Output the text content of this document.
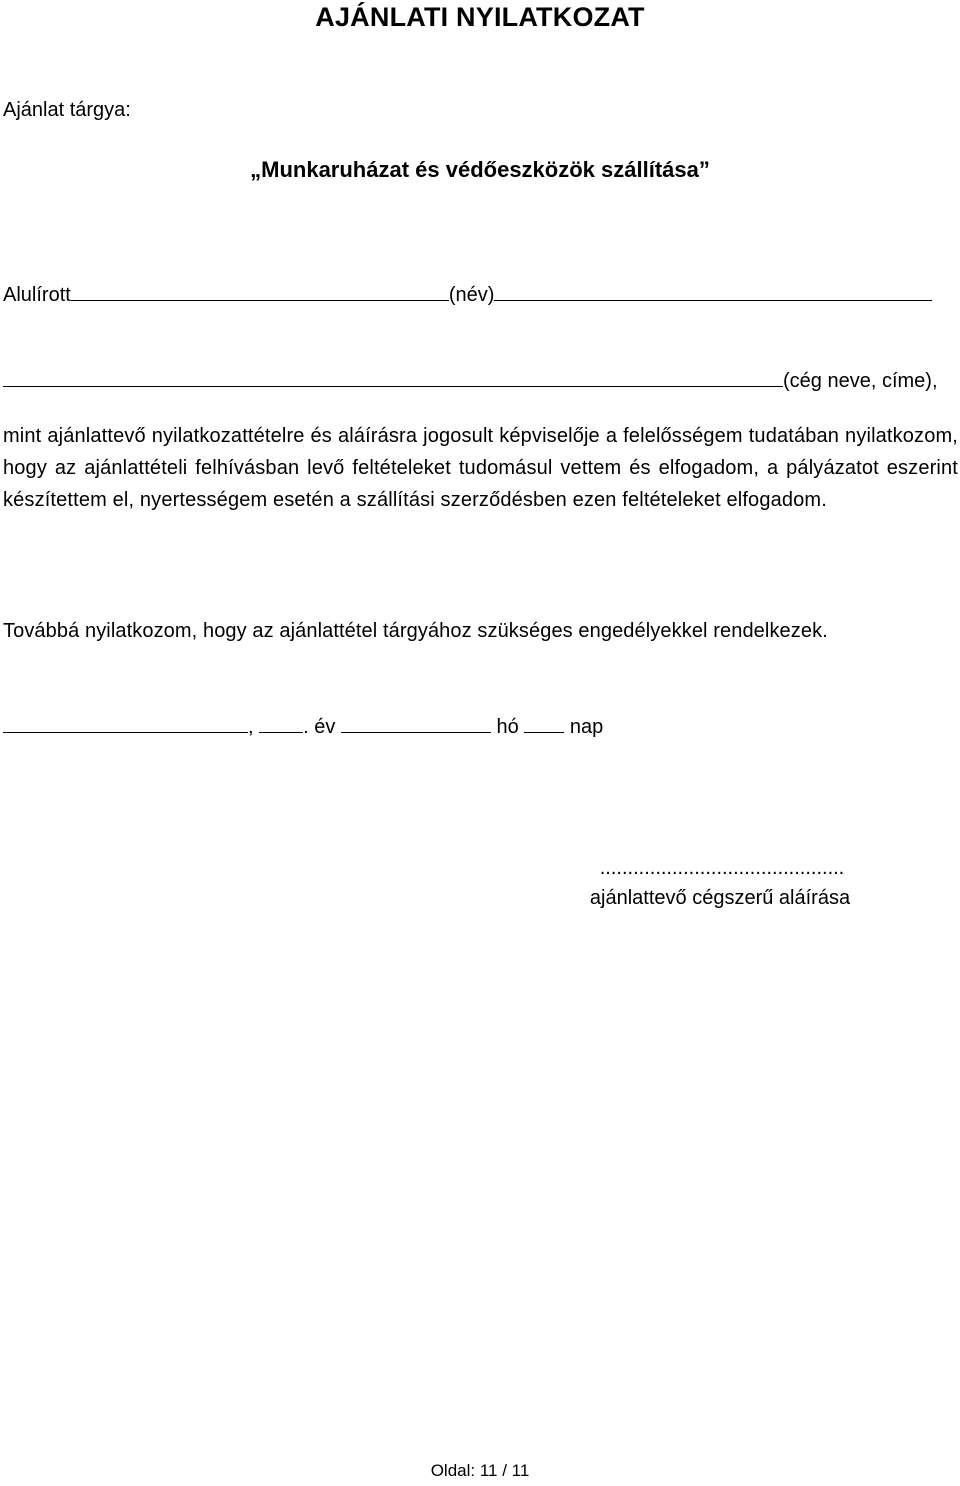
AJÁNLATI NYILATKOZAT
Ajánlat tárgya:
„Munkaruházat és védőeszközök szállítása”
Alulírott	(név)
(cég neve, címe),
mint ajánlattevő nyilatkozattételre és aláírásra jogosult képviselője a felelősségem tudatában nyilatkozom, hogy az ajánlattételi felhívásban levő feltételeket tudomásul vettem és elfogadom, a pályázatot eszerint készítettem el, nyertességem esetén a szállítási szerződésben ezen feltételeket elfogadom.
Továbbá nyilatkozom, hogy az ajánlattétel tárgyához szükséges engedélyekkel rendelkezek.
, . év	hó	nap
............................................
ajánlattevő cégszerű aláírása
Oldal: 11 / 11
